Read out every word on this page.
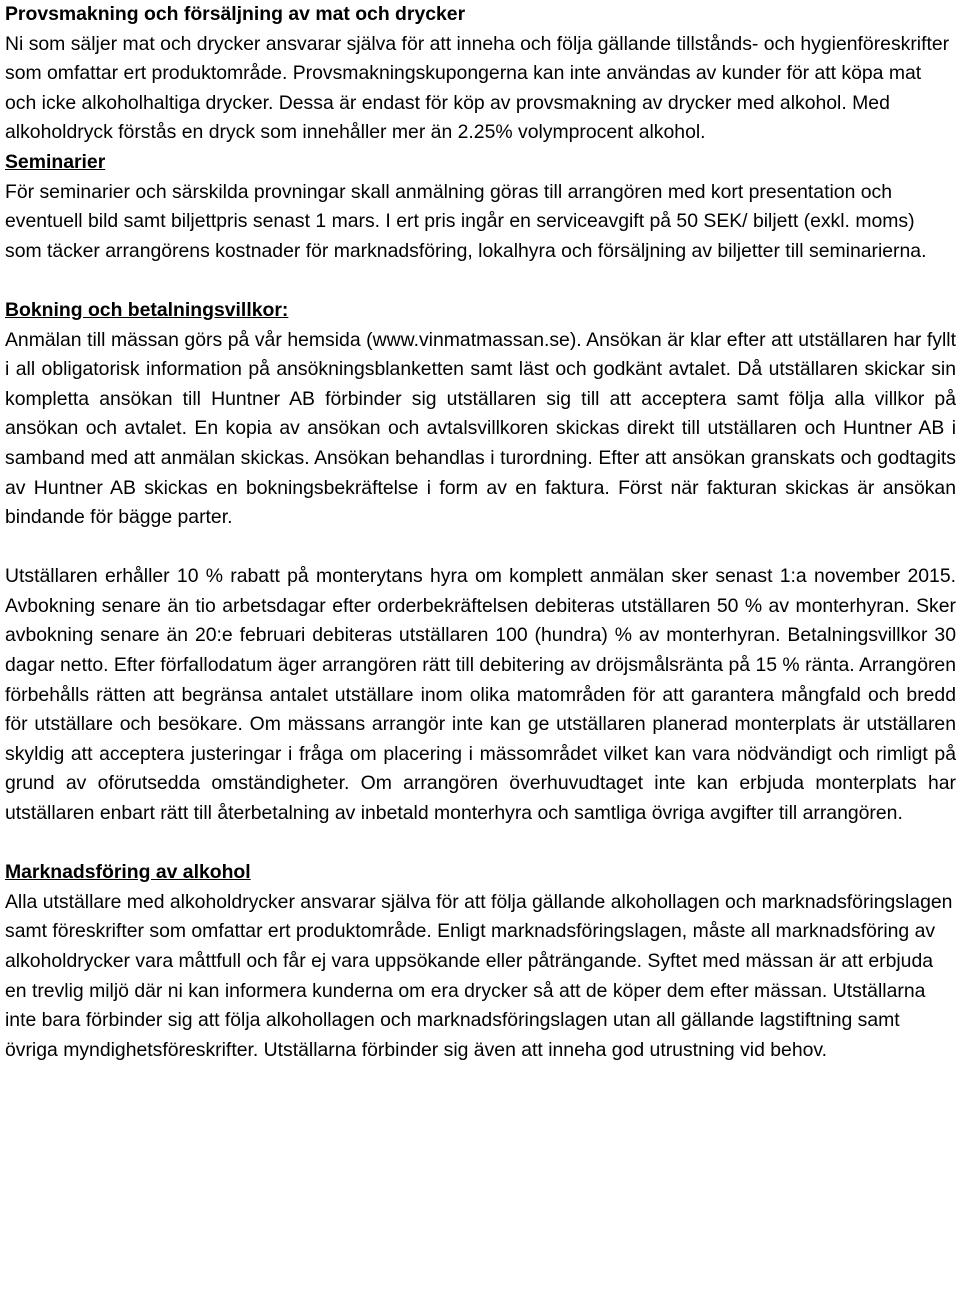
Provsmakning och försäljning av mat och drycker

Ni som säljer mat och drycker ansvarar själva för att inneha och följa gällande tillstånds- och hygienföreskrifter som omfattar ert produktområde. Provsmakningskupongerna kan inte användas av kunder för att köpa mat och icke alkoholhaltiga drycker. Dessa är endast för köp av provsmakning av drycker med alkohol. Med alkoholdryck förstås en dryck som innehåller mer än 2.25% volymprocent alkohol.

Seminarier

För seminarier och särskilda provningar skall anmälning göras till arrangören med kort presentation och eventuell bild samt biljettpris senast 1 mars. I ert pris ingår en serviceavgift på 50 SEK/ biljett (exkl. moms) som täcker arrangörens kostnader för marknadsföring, lokalhyra och försäljning av biljetter till seminarierna.

Bokning och betalningsvillkor:

Anmälan till mässan görs på vår hemsida (www.vinmatmassan.se). Ansökan är klar efter att utställaren har fyllt i all obligatorisk information på ansökningsblanketten samt läst och godkänt avtalet. Då utställaren skickar sin kompletta ansökan till Huntner AB förbinder sig utställaren sig till att acceptera samt följa alla villkor på ansökan och avtalet. En kopia av ansökan och avtalsvillkoren skickas direkt till utställaren och Huntner AB i samband med att anmälan skickas. Ansökan behandlas i turordning. Efter att ansökan granskats och godtagits av Huntner AB skickas en bokningsbekräftelse i form av en faktura. Först när fakturan skickas är ansökan bindande för bägge parter.

Utställaren erhåller 10 % rabatt på monterytans hyra om komplett anmälan sker senast 1:a november 2015. Avbokning senare än tio arbetsdagar efter orderbekräftelsen debiteras utställaren 50 % av monterhyran. Sker avbokning senare än 20:e februari debiteras utställaren 100 (hundra) % av monterhyran. Betalningsvillkor 30 dagar netto. Efter förfallodatum äger arrangören rätt till debitering av dröjsmålsränta på 15 % ränta. Arrangören förbehålls rätten att begränsa antalet utställare inom olika matområden för att garantera mångfald och bredd för utställare och besökare. Om mässans arrangör inte kan ge utställaren planerad monterplats är utställaren skyldig att acceptera justeringar i fråga om placering i mässområdet vilket kan vara nödvändigt och rimligt på grund av oförutsedda omständigheter. Om arrangören överhuvudtaget inte kan erbjuda monterplats har utställaren enbart rätt till återbetalning av inbetald monterhyra och samtliga övriga avgifter till arrangören.

Marknadsföring av alkohol

Alla utställare med alkoholdrycker ansvarar själva för att följa gällande alkohollagen och marknadsföringslagen samt föreskrifter som omfattar ert produktområde. Enligt marknadsföringslagen, måste all marknadsföring av alkoholdrycker vara måttfull och får ej vara uppsökande eller påträngande. Syftet med mässan är att erbjuda en trevlig miljö där ni kan informera kunderna om era drycker så att de köper dem efter mässan. Utställarna inte bara förbinder sig att följa alkohollagen och marknadsföringslagen utan all gällande lagstiftning samt övriga myndighetsföreskrifter. Utställarna förbinder sig även att inneha god utrustning vid behov.
